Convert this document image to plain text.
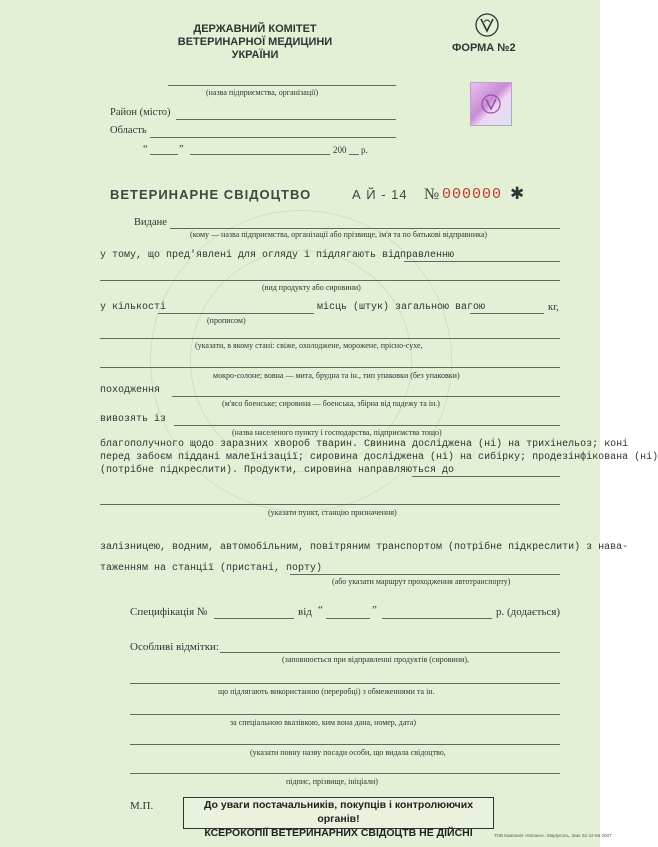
ДЕРЖАВНИЙ КОМІТЕТ
ВЕТЕРИНАРНОЇ МЕДИЦИНИ
УКРАЇНИ
ФОРМА №2
(назва підприємства, організації)
Район (місто)
Область
“	”	200 р.
ВЕТЕРИНАРНЕ СВІДОЦТВО	А Й - 14 № 000000 ✱
Видане
(кому — назва підприємства, організації або прізвище, ім'я та по батькові відправника)
у тому, що пред'явлені для огляду і підлягають відправленню
(вид продукту або сировини)
у кількості	місць (штук) загальною вагою	кг,
(прописом)
(указати, в якому стані: свіже, охолоджене, морожене, прісно-сухе,
мокро-солоне; вовна — мита, брудна та ін., тип упаковки (без упаковки)
походження
(м'ясо боенське; сировина — боенська, збірна від падежу та ін.)
вивозять із
(назва населеного пункту і господарства, підприємства тощо)
благополучного щодо заразних хвороб тварин. Свинина досліджена (ні) на трихінельоз; коні
перед забоєм піддані малеїнізації; сировина досліджена (ні) на сибірку; продезінфікована (ні)
(потрібне підкреслити). Продукти, сировина направляються до
(указати пункт, станцію призначення)
залізницею, водним, автомобільним, повітряним транспортом (потрібне підкреслити) з нава-
таженням на станції (пристані, порту)
(або указати маршрут проходження автотранспорту)
Специфікація №	від “	”	р. (додається)
Особливі відмітки:
(заповнюється при відправленні продуктів (сировини),
що підлягають використанню (переробці) з обмеженнями та ін.
за спеціальною вказівкою, ким вона дана, номер, дата)
(указати повну назву посади особи, що видала свідоцтво,
підпис, прізвище, ініціали)
М.П.	До уваги постачальників, покупців і контролюючих органів!
КСЕРОКОПІЇ ВЕТЕРИНАРНИХ СВІДОЦТВ НЕ ДІЙСНІ	ТОВ Компанія «Мілано», Маріуполь, Зам. 61-12-66 2007
